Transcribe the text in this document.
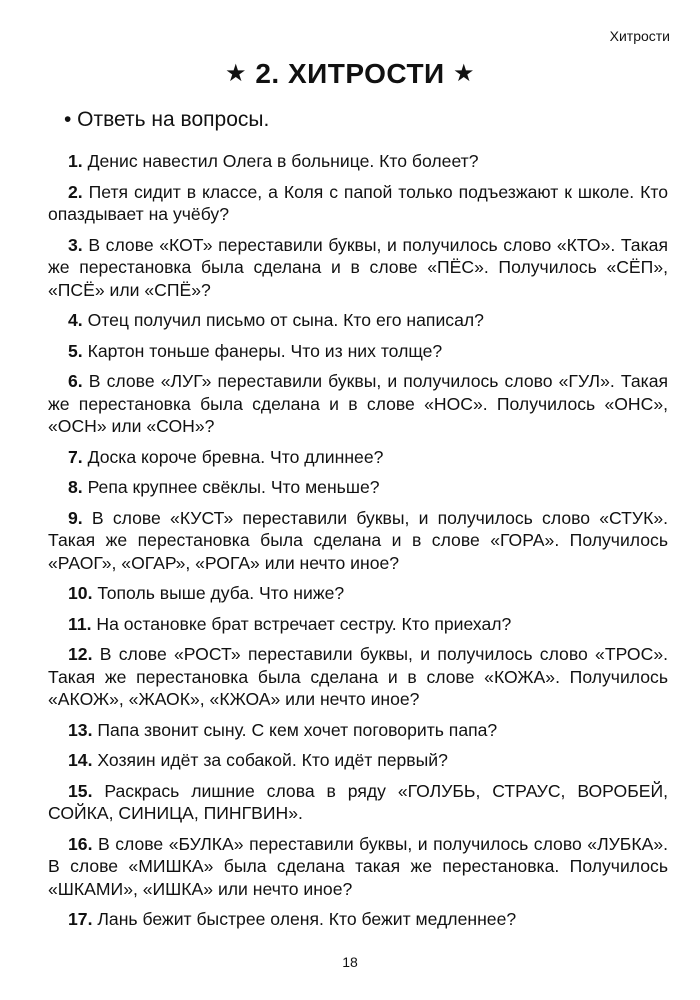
Хитрости
★ 2. ХИТРОСТИ ★
• Ответь на вопросы.
1. Денис навестил Олега в больнице. Кто болеет?
2. Петя сидит в классе, а Коля с папой только подъезжают к школе. Кто опаздывает на учёбу?
3. В слове «КОТ» переставили буквы, и получилось слово «КТО». Такая же перестановка была сделана и в слове «ПЁС». Получилось «СЁП», «ПСЁ» или «СПЁ»?
4. Отец получил письмо от сына. Кто его написал?
5. Картон тоньше фанеры. Что из них толще?
6. В слове «ЛУГ» переставили буквы, и получилось слово «ГУЛ». Такая же перестановка была сделана и в слове «НОС». Получилось «ОНС», «ОСН» или «СОН»?
7. Доска короче бревна. Что длиннее?
8. Репа крупнее свёклы. Что меньше?
9. В слове «КУСТ» переставили буквы, и получилось слово «СТУК». Такая же перестановка была сделана и в слове «ГОРА». Получилось «РАОГ», «ОГАР», «РОГА» или нечто иное?
10. Тополь выше дуба. Что ниже?
11. На остановке брат встречает сестру. Кто приехал?
12. В слове «РОСТ» переставили буквы, и получилось слово «ТРОС». Такая же перестановка была сделана и в слове «КОЖА». Получилось «АКОЖ», «ЖАОК», «КЖОА» или нечто иное?
13. Папа звонит сыну. С кем хочет поговорить папа?
14. Хозяин идёт за собакой. Кто идёт первый?
15. Раскрась лишние слова в ряду «ГОЛУБЬ, СТРАУС, ВОРОБЕЙ, СОЙКА, СИНИЦА, ПИНГВИН».
16. В слове «БУЛКА» переставили буквы, и получилось слово «ЛУБКА». В слове «МИШКА» была сделана такая же перестановка. Получилось «ШКАМИ», «ИШКА» или нечто иное?
17. Лань бежит быстрее оленя. Кто бежит медленнее?
18
